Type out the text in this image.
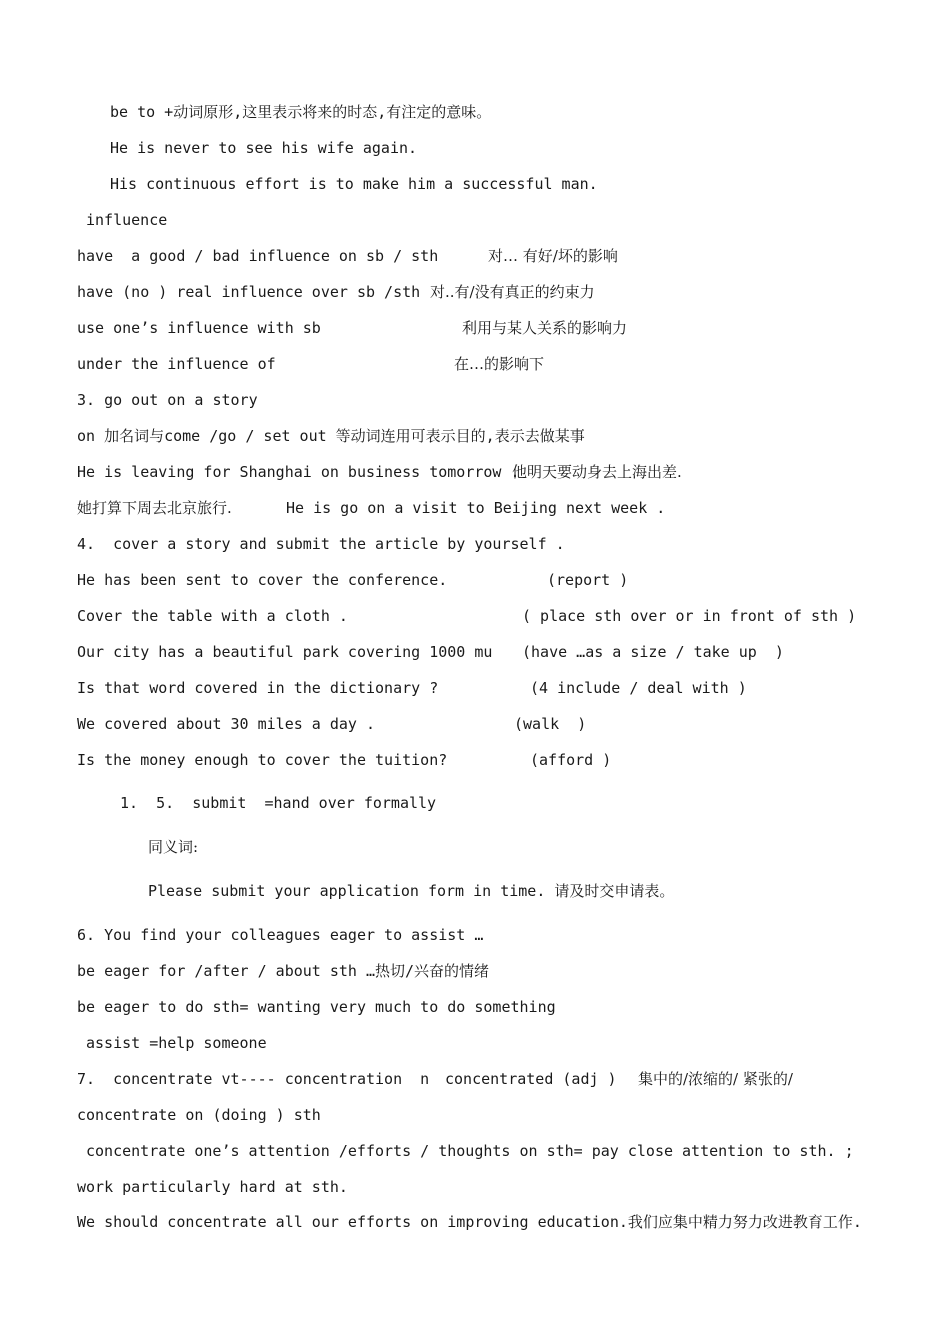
be to +动词原形,这里表示将来的时态,有注定的意味。
He is never to see his wife again.
His continuous effort is to make him a successful man.
influence
have  a good / bad influence on sb / sth	对… 有好/坏的影响
have (no ) real influence over sb /sth 对..有/没有真正的约束力
use one’s influence with sb	利用与某人关系的影响力
under the influence of	在…的影响下
3. go out on a story
on 加名词与come /go / set out 等动词连用可表示目的,表示去做某事
He is leaving for Shanghai on business tomorrow .
他明天要动身去上海出差.
她打算下周去北京旅行.	He is go on a visit to Beijing next week .
4.  cover a story and submit the article by yourself .
He has been sent to cover the conference.	(report )
Cover the table with a cloth .	( place sth over or in front of sth )
Our city has a beautiful park covering 1000 mu (have …as a size / take up  )
Is that word covered in the dictionary ?	(4 include / deal with )
We covered about 30 miles a day .	(walk  )
Is the money enough to cover the tuition?	(afford )
1.  5.  submit  =hand over formally
同义词:
Please submit your application form in time. 请及时交申请表。
6. You find your colleagues eager to assist …
be eager for /after / about sth …热切/兴奋的情绪
be eager to do sth= wanting very much to do something
assist =help someone
7.  concentrate vt---- concentration  n concentrated (adj ) 集中的/浓缩的/ 紧张的/
concentrate on (doing ) sth
concentrate one’s attention /efforts / thoughts on sth= pay close attention to sth. ;
work particularly hard at sth.
We should concentrate all our efforts on improving education.我们应集中精力努力改进教育工作.
